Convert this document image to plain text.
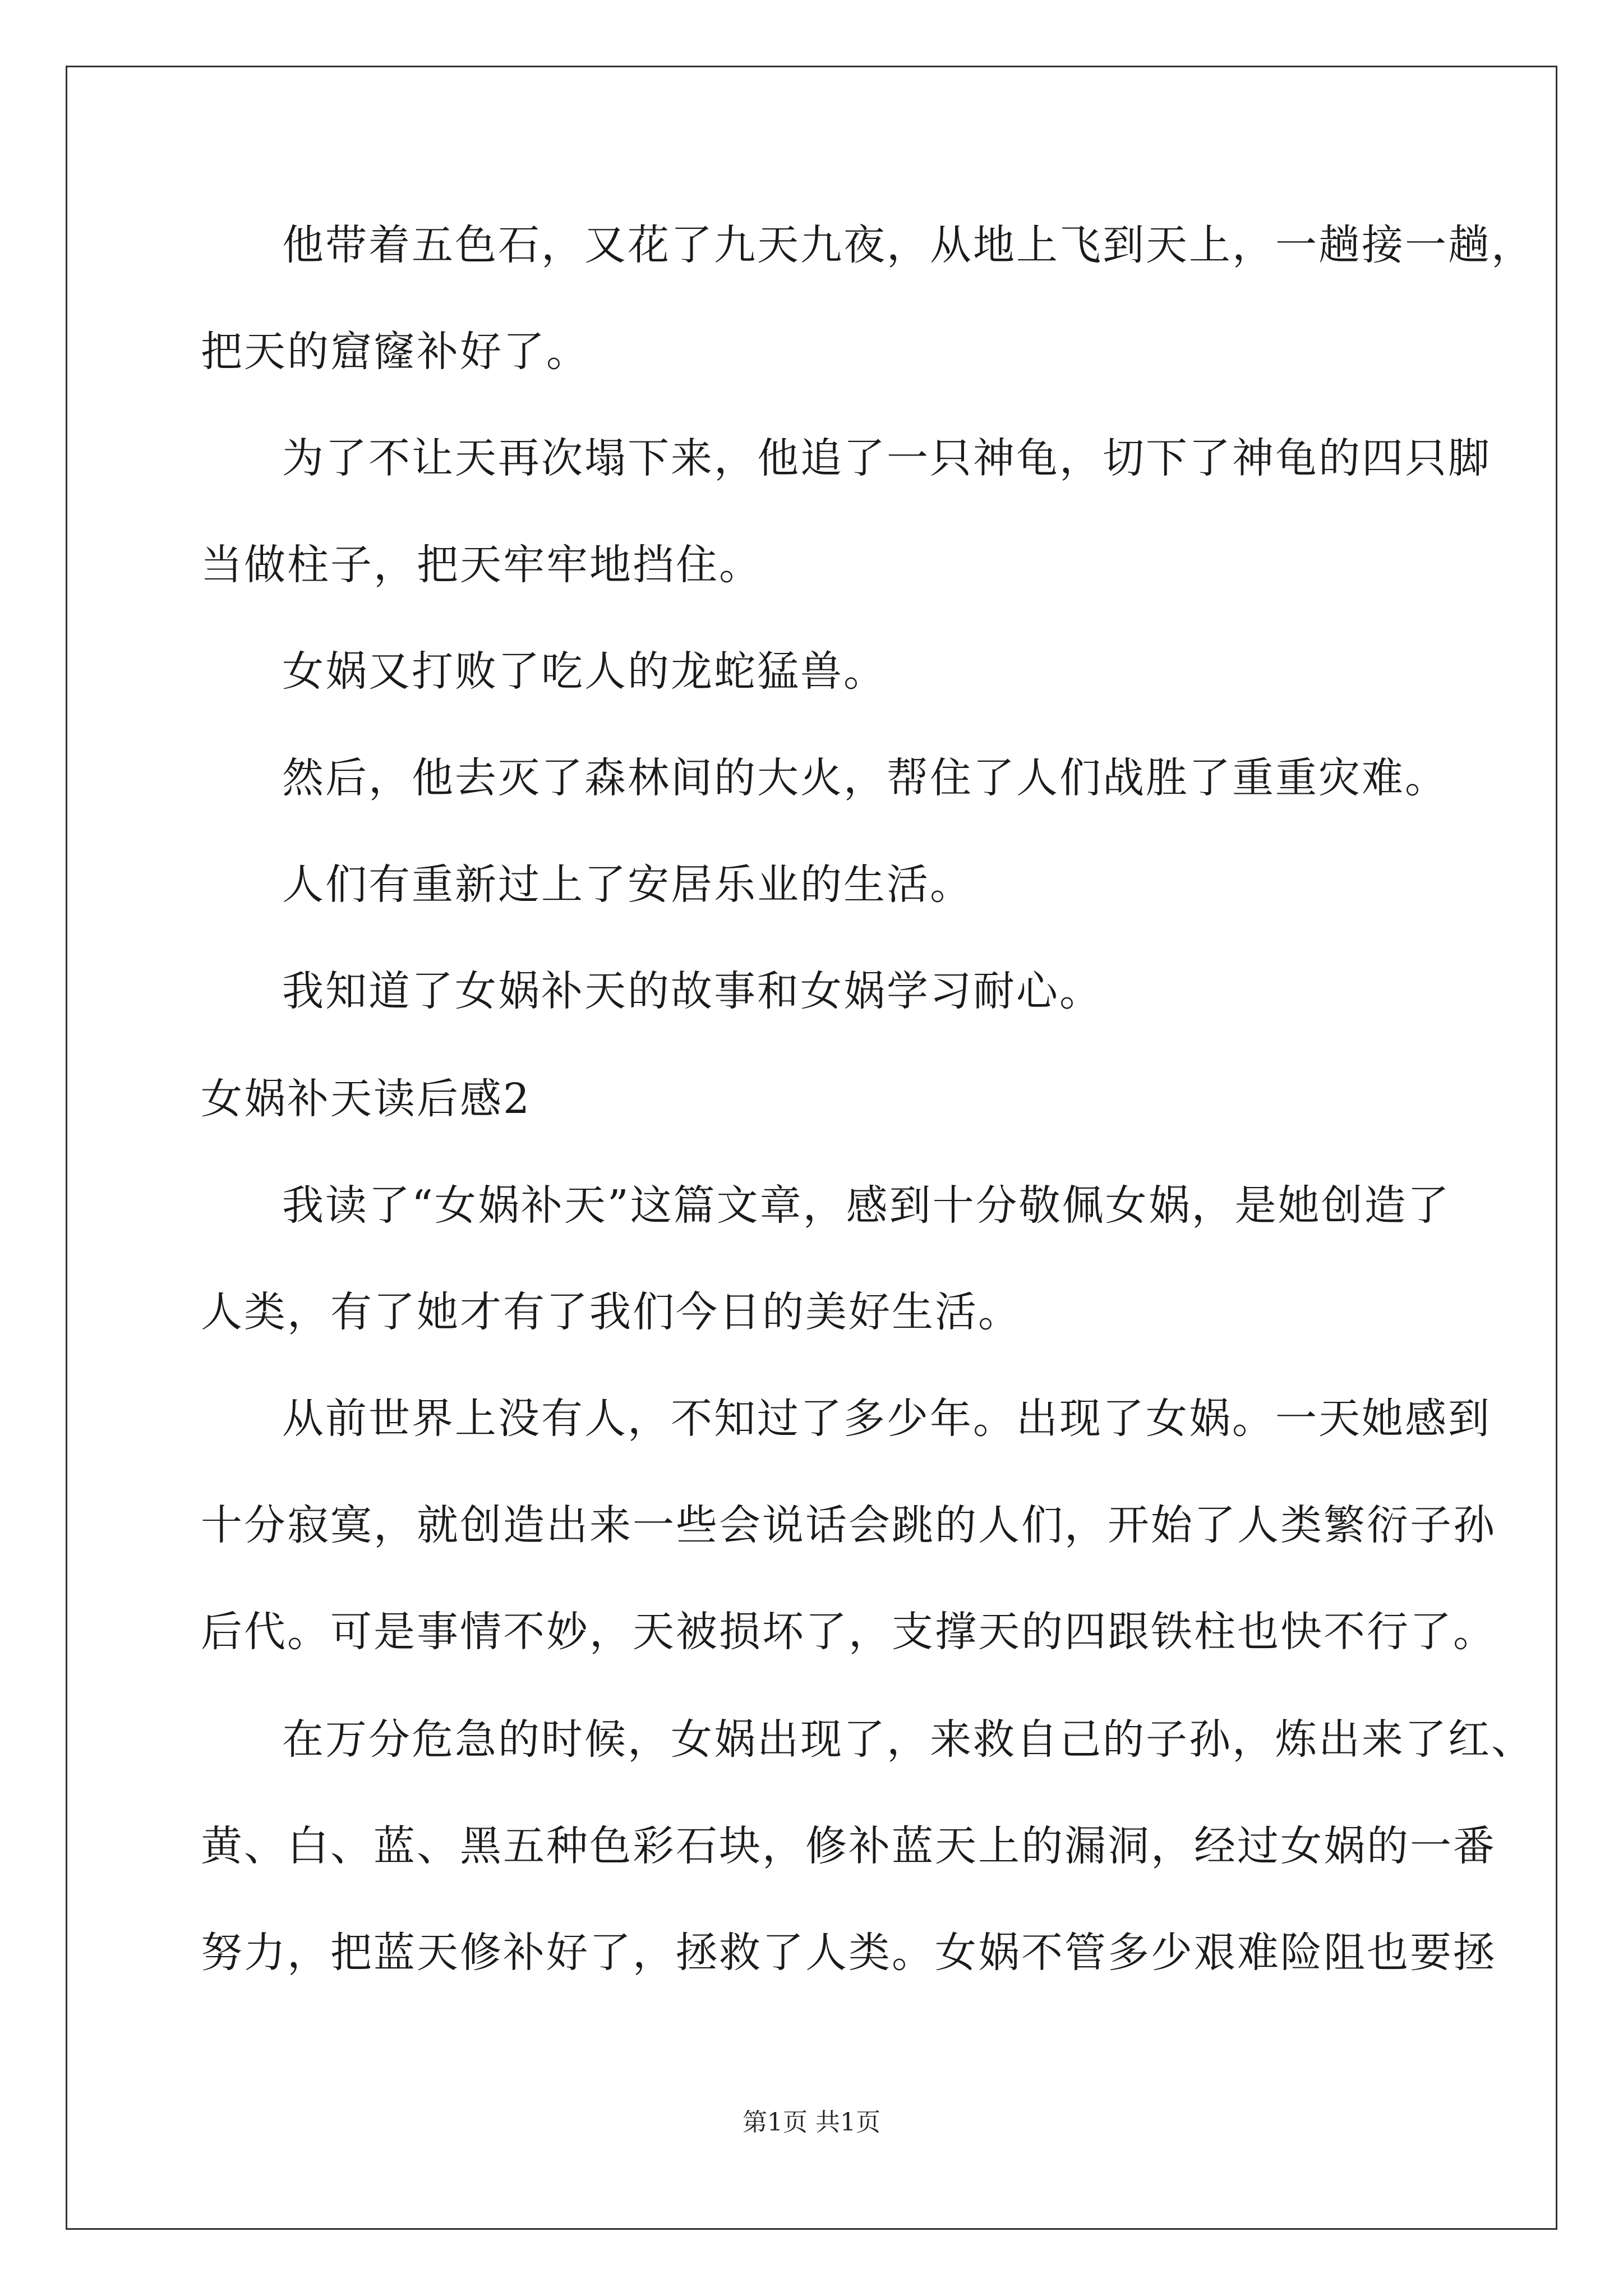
他带着五色石，又花了九天九夜，从地上飞到天上，一趟接一趟，
把天的窟窿补好了。
为了不让天再次塌下来，他追了一只神龟，切下了神龟的四只脚
当做柱子，把天牢牢地挡住。
女娲又打败了吃人的龙蛇猛兽。
然后，他去灭了森林间的大火，帮住了人们战胜了重重灾难。
人们有重新过上了安居乐业的生活。
我知道了女娲补天的故事和女娲学习耐心。
女娲补天读后感2
我读了“女娲补天”这篇文章，感到十分敬佩女娲，是她创造了
人类，有了她才有了我们今日的美好生活。
从前世界上没有人，不知过了多少年。出现了女娲。一天她感到
十分寂寞，就创造出来一些会说话会跳的人们，开始了人类繁衍子孙
后代。可是事情不妙，天被损坏了，支撑天的四跟铁柱也快不行了。
在万分危急的时候，女娲出现了，来救自己的子孙，炼出来了红、
黄、白、蓝、黑五种色彩石块，修补蓝天上的漏洞，经过女娲的一番
努力，把蓝天修补好了，拯救了人类。女娲不管多少艰难险阻也要拯
第1页 共1页
